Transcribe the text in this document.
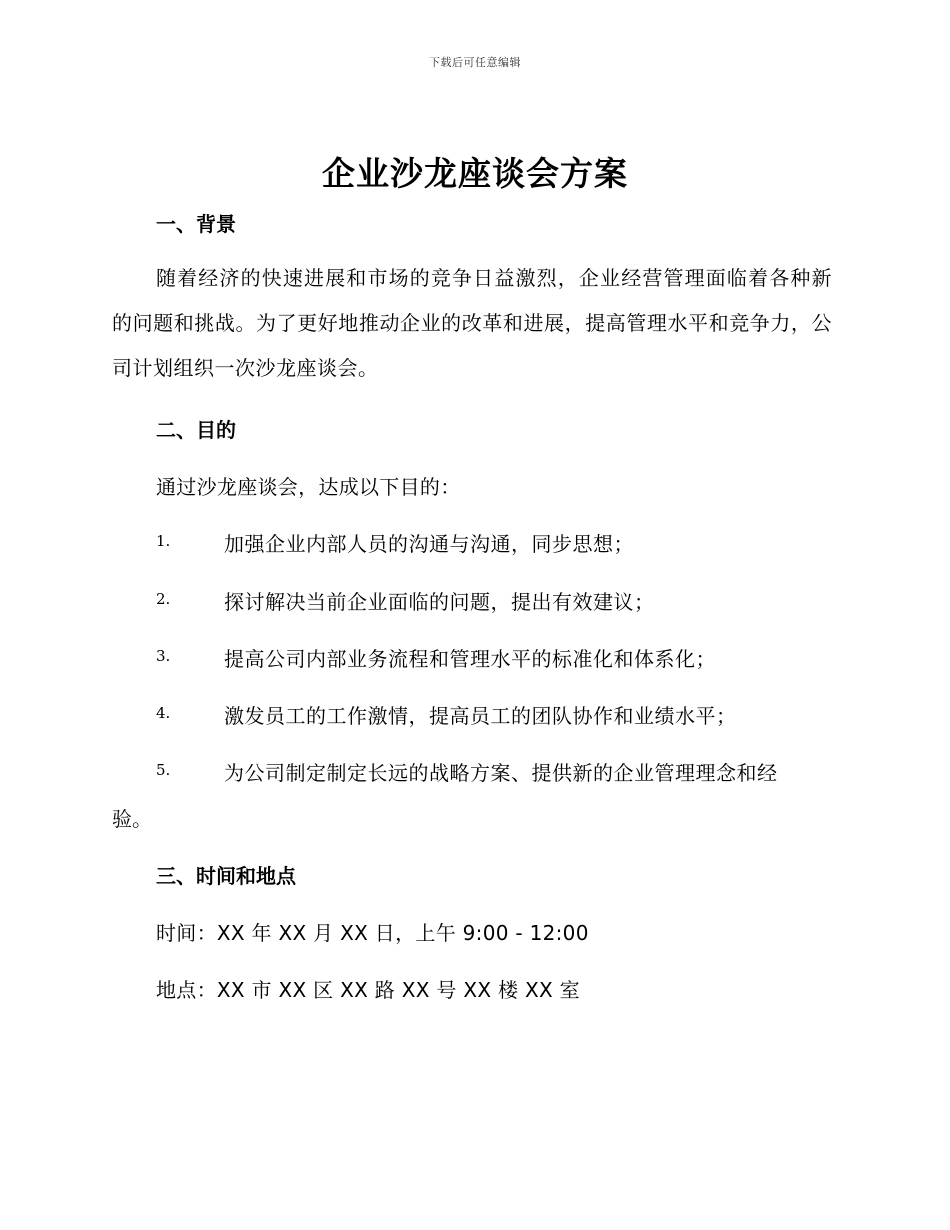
下载后可任意编辑
企业沙龙座谈会方案
一、背景

随着经济的快速进展和市场的竞争日益激烈，企业经营管理面临着各种新的问题和挑战。为了更好地推动企业的改革和进展，提高管理水平和竞争力，公司计划组织一次沙龙座谈会。

二、目的
通过沙龙座谈会，达成以下目的：
1.	加强企业内部人员的沟通与沟通，同步思想；
2.	探讨解决当前企业面临的问题，提出有效建议；
3.	提高公司内部业务流程和管理水平的标准化和体系化；
4.	激发员工的工作激情，提高员工的团队协作和业绩水平；
5.	为公司制定制定长远的战略方案、提供新的企业管理理念和经
验。
三、时间和地点
时间：XX 年 XX 月 XX 日，上午 9:00 - 12:00
地点：XX 市 XX 区 XX 路 XX 号 XX 楼 XX 室
